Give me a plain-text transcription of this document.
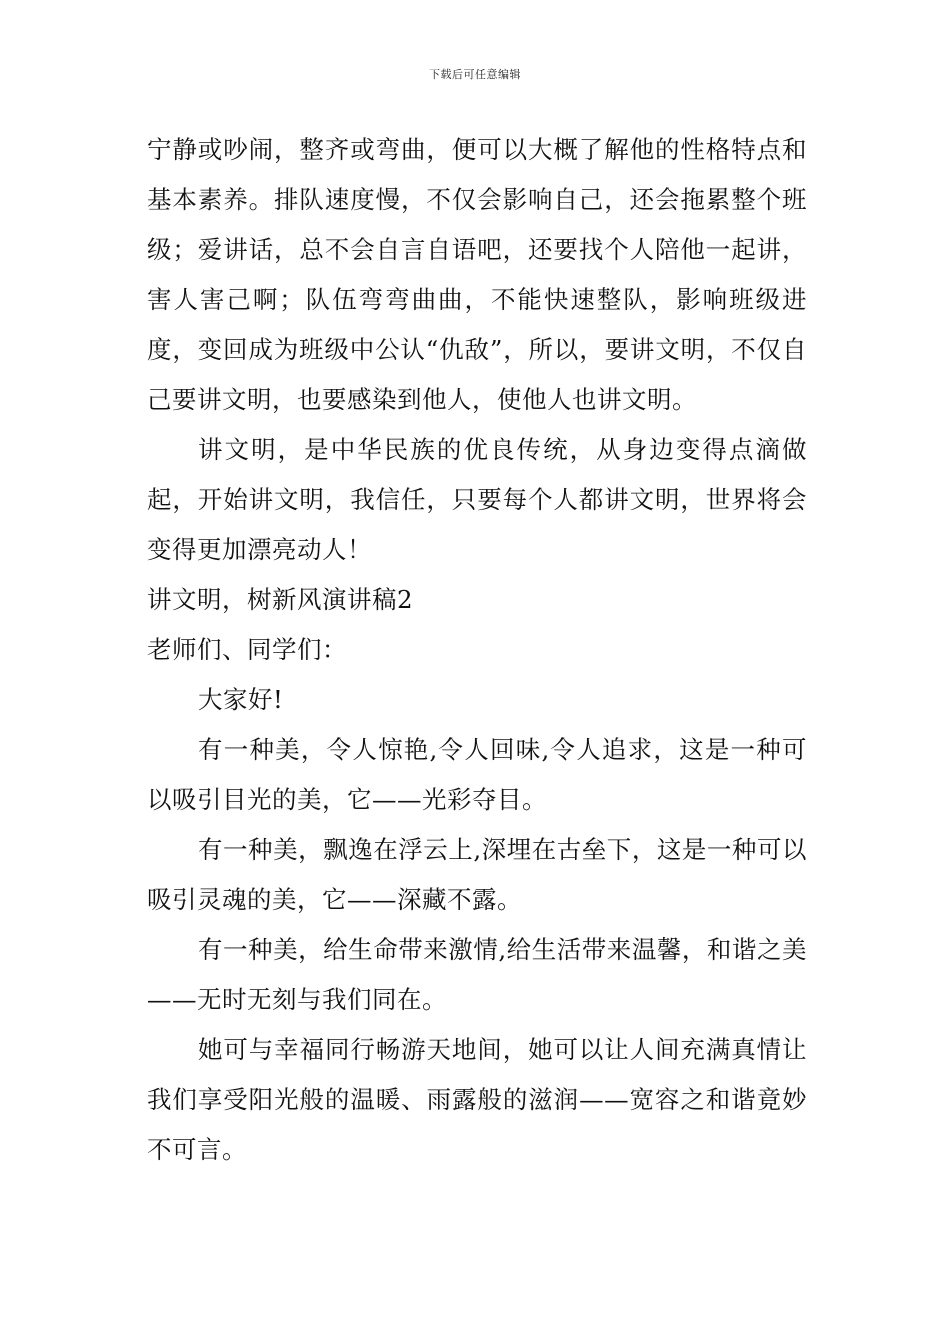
下载后可任意编辑

宁静或吵闹，整齐或弯曲，便可以大概了解他的性格特点和基本素养。排队速度慢，不仅会影响自己，还会拖累整个班级；爱讲话，总不会自言自语吧，还要找个人陪他一起讲，害人害己啊；队伍弯弯曲曲，不能快速整队，影响班级进度，变回成为班级中公认“仇敌”，所以，要讲文明，不仅自己要讲文明，也要感染到他人，使他人也讲文明。

讲文明，是中华民族的优良传统，从身边变得点滴做起，开始讲文明，我信任，只要每个人都讲文明，世界将会变得更加漂亮动人！

讲文明，树新风演讲稿2

老师们、同学们：

大家好!

有一种美，令人惊艳,令人回味,令人追求，这是一种可以吸引目光的美，它——光彩夺目。

有一种美，飘逸在浮云上,深埋在古垒下，这是一种可以吸引灵魂的美，它——深藏不露。

有一种美，给生命带来激情,给生活带来温馨，和谐之美——无时无刻与我们同在。

她可与幸福同行畅游天地间，她可以让人间充满真情让我们享受阳光般的温暖、雨露般的滋润——宽容之和谐竟妙不可言。
